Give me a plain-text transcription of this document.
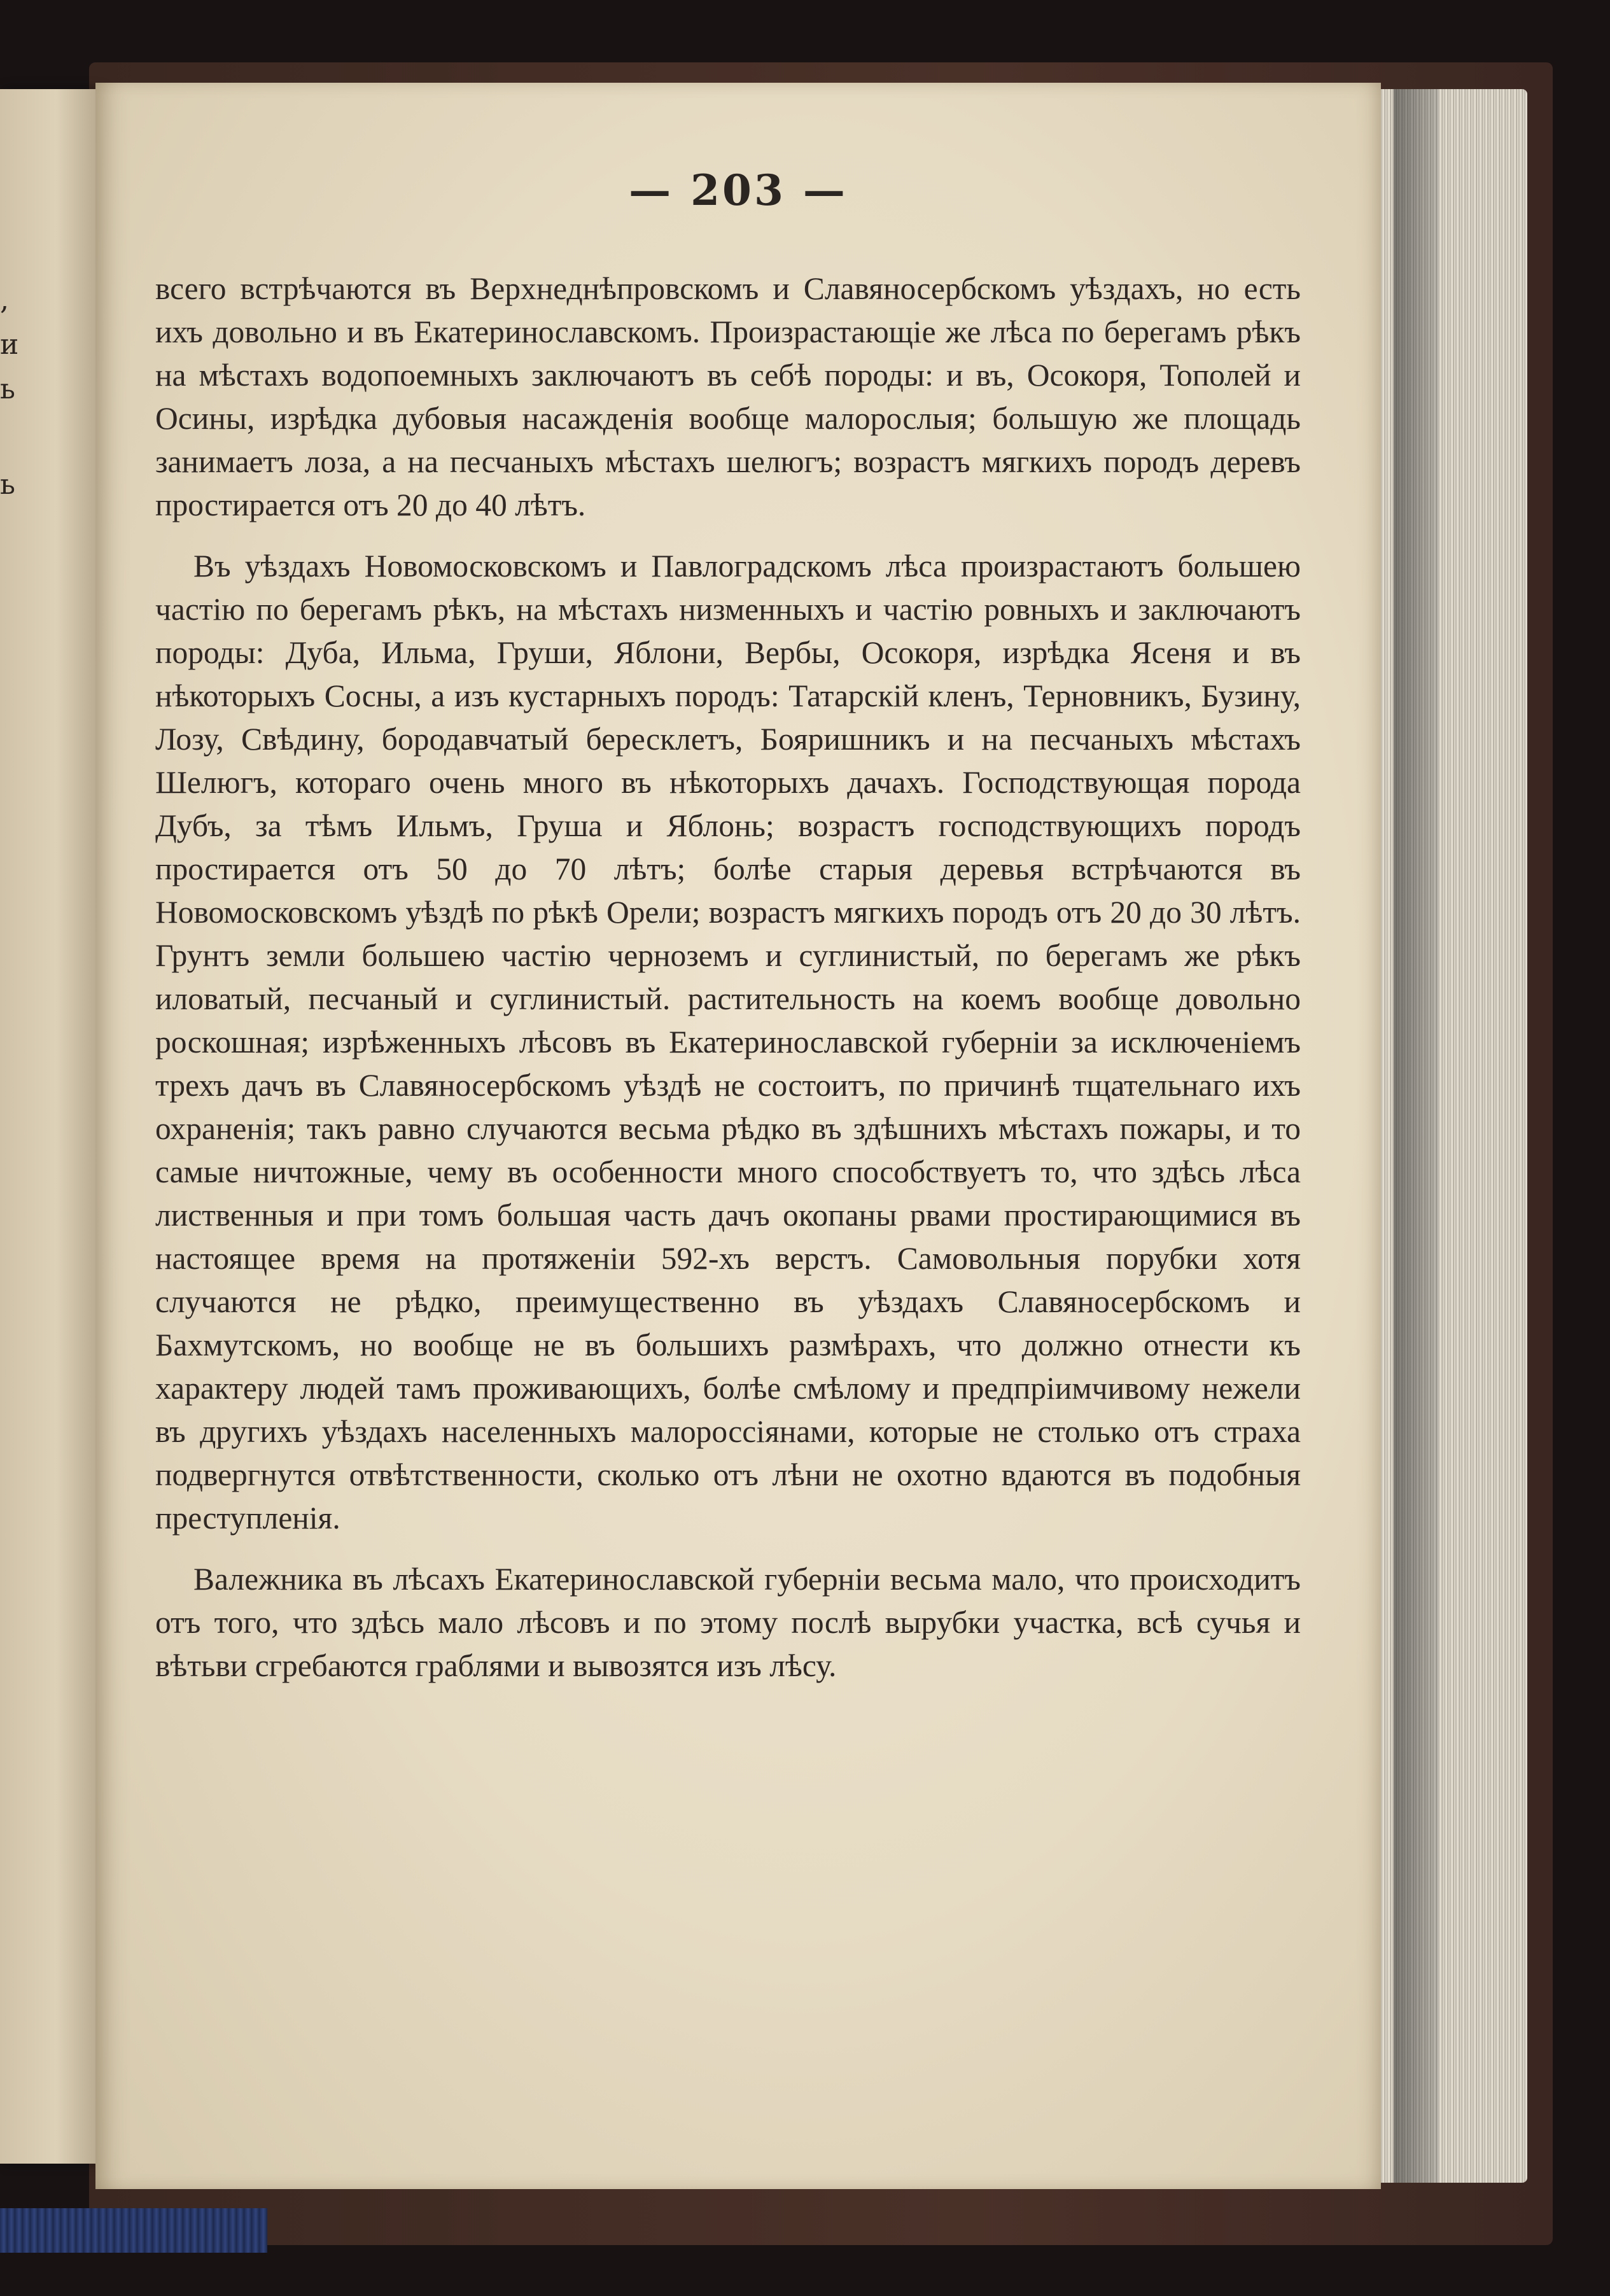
,
и
ь
ь
— 203 —

всего встрѣчаются въ Верхнеднѣпровскомъ и Славяносербскомъ уѣздахъ, но есть ихъ довольно и въ Екатеринославскомъ. Произрастающіе же лѣса по берегамъ рѣкъ на мѣстахъ водопоемныхъ заключаютъ въ себѣ породы: и въ, Осокоря, Тополей и Осины, изрѣдка дубовыя насажденія вообще малорослыя; большую же площадь занимаетъ лоза, а на песчаныхъ мѣстахъ шелюгъ; возрастъ мягкихъ породъ деревъ простирается отъ 20 до 40 лѣтъ.

Въ уѣздахъ Новомосковскомъ и Павлоградскомъ лѣса произрастаютъ большею частію по берегамъ рѣкъ, на мѣстахъ низменныхъ и частію ровныхъ и заключаютъ породы: Дуба, Ильма, Груши, Яблони, Вербы, Осокоря, изрѣдка Ясеня и въ нѣкоторыхъ Сосны, а изъ кустарныхъ породъ: Татарскій кленъ, Терновникъ, Бузину, Лозу, Свѣдину, бородавчатый бересклетъ, Бояришникъ и на песчаныхъ мѣстахъ Шелюгъ, котораго очень много въ нѣкоторыхъ дачахъ. Господствующая порода Дубъ, за тѣмъ Ильмъ, Груша и Яблонь; возрастъ господствующихъ породъ простирается отъ 50 до 70 лѣтъ; болѣе старыя деревья встрѣчаются въ Новомосковскомъ уѣздѣ по рѣкѣ Орели; возрастъ мягкихъ породъ отъ 20 до 30 лѣтъ. Грунтъ земли большею частію черноземъ и суглинистый, по берегамъ же рѣкъ иловатый, песчаный и суглинистый. растительность на коемъ вообще довольно роскошная; изрѣженныхъ лѣсовъ въ Екатеринославской губерніи за исключеніемъ трехъ дачъ въ Славяносербскомъ уѣздѣ не состоитъ, по причинѣ тщательнаго ихъ охраненія; такъ равно случаются весьма рѣдко въ здѣшнихъ мѣстахъ пожары, и то самые ничтожные, чему въ особенности много способствуетъ то, что здѣсь лѣса лиственныя и при томъ большая часть дачъ окопаны рвами простирающимися въ настоящее время на протяженіи 592-хъ верстъ. Самовольныя порубки хотя случаются не рѣдко, преимущественно въ уѣздахъ Славяносербскомъ и Бахмутскомъ, но вообще не въ большихъ размѣрахъ, что должно отнести къ характеру людей тамъ проживающихъ, болѣе смѣлому и предпріимчивому нежели въ другихъ уѣздахъ населенныхъ малороссіянами, которые не столько отъ страха подвергнутся отвѣтственности, сколько отъ лѣни не охотно вдаются въ подобныя преступленія.

Валежника въ лѣсахъ Екатеринославской губерніи весьма мало, что происходитъ отъ того, что здѣсь мало лѣсовъ и по этому послѣ вырубки участка, всѣ сучья и вѣтьви сгребаются граблями и вывозятся изъ лѣсу.
